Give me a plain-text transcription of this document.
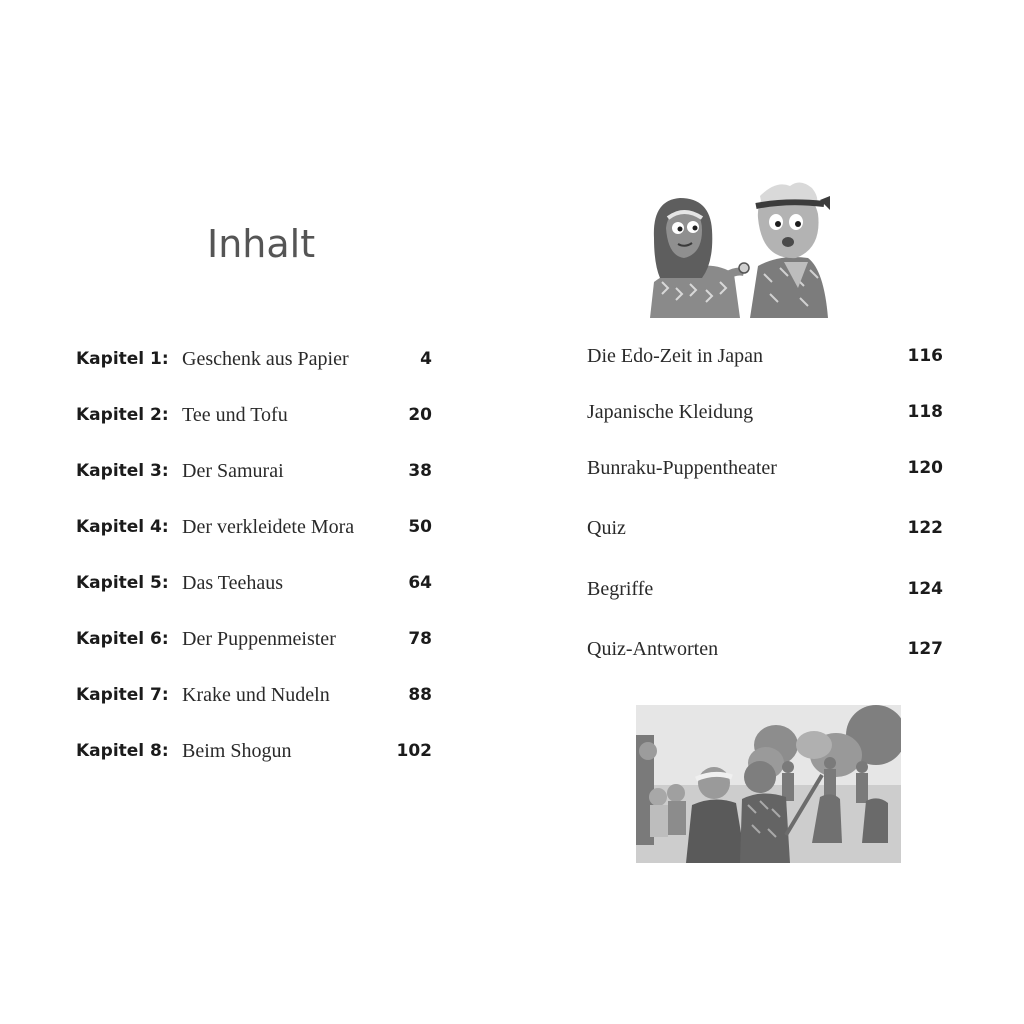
Inhalt
Kapitel 1: Geschenk aus Papier	4
Kapitel 2: Tee und Tofu	20
Kapitel 3: Der Samurai	38
Kapitel 4: Der verkleidete Mora	50
Kapitel 5: Das Teehaus	64
Kapitel 6: Der Puppenmeister	78
Kapitel 7: Krake und Nudeln	88
Kapitel 8: Beim Shogun	102
Die Edo-Zeit in Japan	116
Japanische Kleidung	118
Bunraku-Puppentheater	120
Quiz	122
Begriffe	124
Quiz-Antworten	127
